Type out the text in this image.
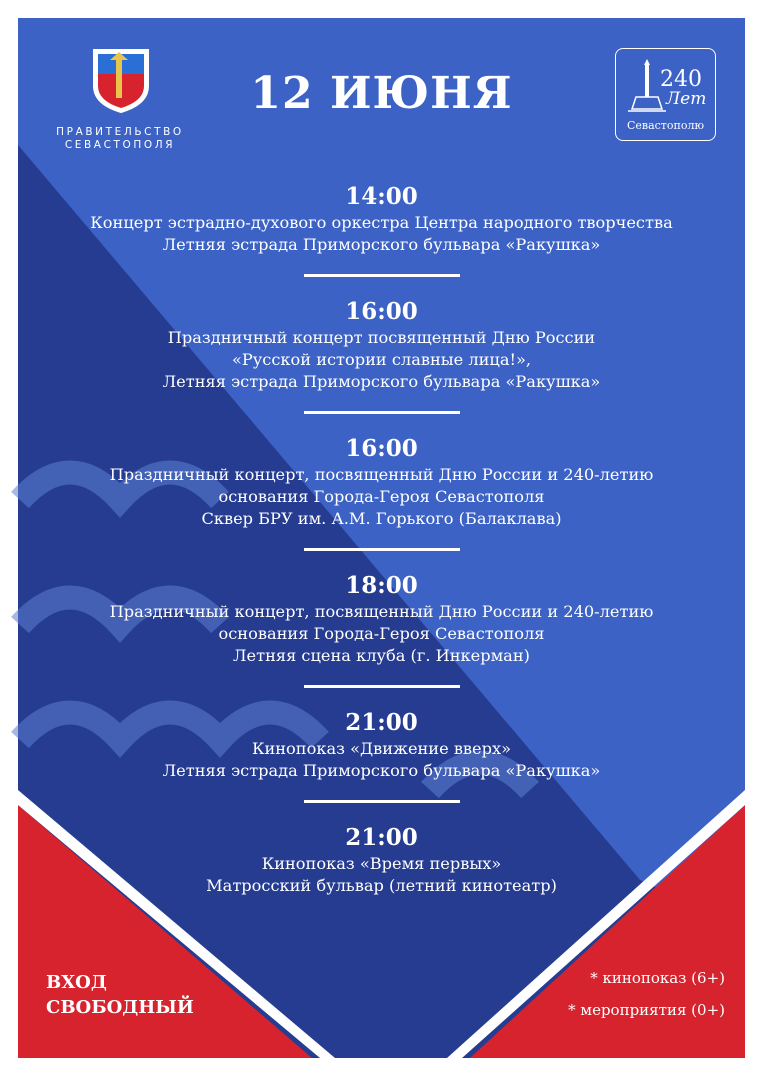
ПРАВИТЕЛЬСТВО
СЕВАСТОПОЛЯ
12 ИЮНЯ	240
Лет
Севастополю
14:00
Концерт эстрадно-духового оркестра Центра народного творчества
Летняя эстрада Приморского бульвара «Ракушка»
16:00
Праздничный концерт посвященный Дню России
«Русской истории славные лица!»,
Летняя эстрада Приморского бульвара «Ракушка»
16:00
Праздничный концерт, посвященный Дню России и 240-летию
основания Города-Героя Севастополя
Сквер БРУ им. А.М. Горького (Балаклава)
18:00
Праздничный концерт, посвященный Дню России и 240-летию
основания Города-Героя Севастополя
Летняя сцена клуба (г. Инкерман)
21:00
Кинопоказ «Движение вверх»
Летняя эстрада Приморского бульвара «Ракушка»
21:00
Кинопоказ «Время первых»
Матросский бульвар (летний кинотеатр)
ВХОД
СВОБОДНЫЙ
* кинопоказ (6+)
* мероприятия (0+)
